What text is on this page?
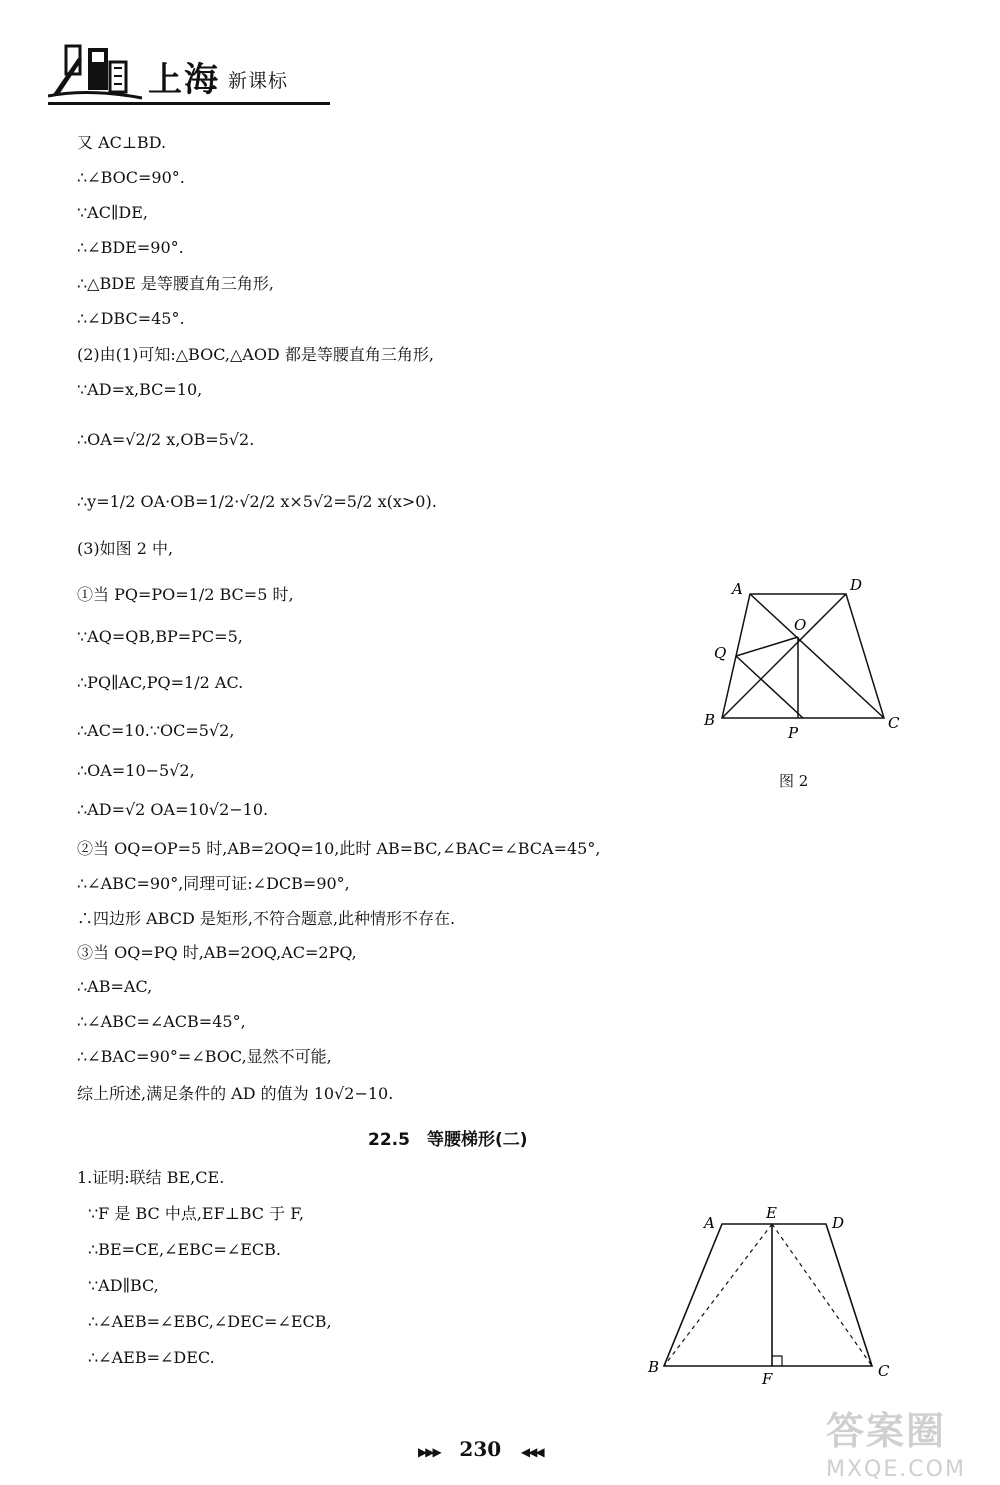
上海 新课标
又 AC⊥BD.
∴∠BOC=90°.
∵AC∥DE,
∴∠BDE=90°.
∴△BDE 是等腰直角三角形,
∴∠DBC=45°.
(2)由(1)可知:△BOC,△AOD 都是等腰直角三角形,
∵AD=x,BC=10,
∴OA=√2/2 x,OB=5√2.
∴y=1/2 OA·OB=1/2·√2/2 x×5√2=5/2 x(x>0).
(3)如图 2 中,
①当 PQ=PO=1/2 BC=5 时,
∵AQ=QB,BP=PC=5,
∴PQ∥AC,PQ=1/2 AC.
∴AC=10.∵OC=5√2,
∴OA=10−5√2,
∴AD=√2 OA=10√2−10.
②当 OQ=OP=5 时,AB=2OQ=10,此时 AB=BC,∠BAC=∠BCA=45°,
∴∠ABC=90°,同理可证:∠DCB=90°,
∴四边形 ABCD 是矩形,不符合题意,此种情形不存在.
③当 OQ=PQ 时,AB=2OQ,AC=2PQ,
∴AB=AC,
∴∠ABC=∠ACB=45°,
∴∠BAC=90°=∠BOC,显然不可能,
综上所述,满足条件的 AD 的值为 10√2−10.
A	D
O
Q
B
P
C
图 2
22.5　等腰梯形(二)
1.证明:联结 BE,CE.
∵F 是 BC 中点,EF⊥BC 于 F,
∴BE=CE,∠EBC=∠ECB.
∵AD∥BC,
∴∠AEB=∠EBC,∠DEC=∠ECB,
∴∠AEB=∠DEC.
A
E
D
B
F	C
▶▶▶ 230 ◀◀◀	答案圈
MXQE.COM
